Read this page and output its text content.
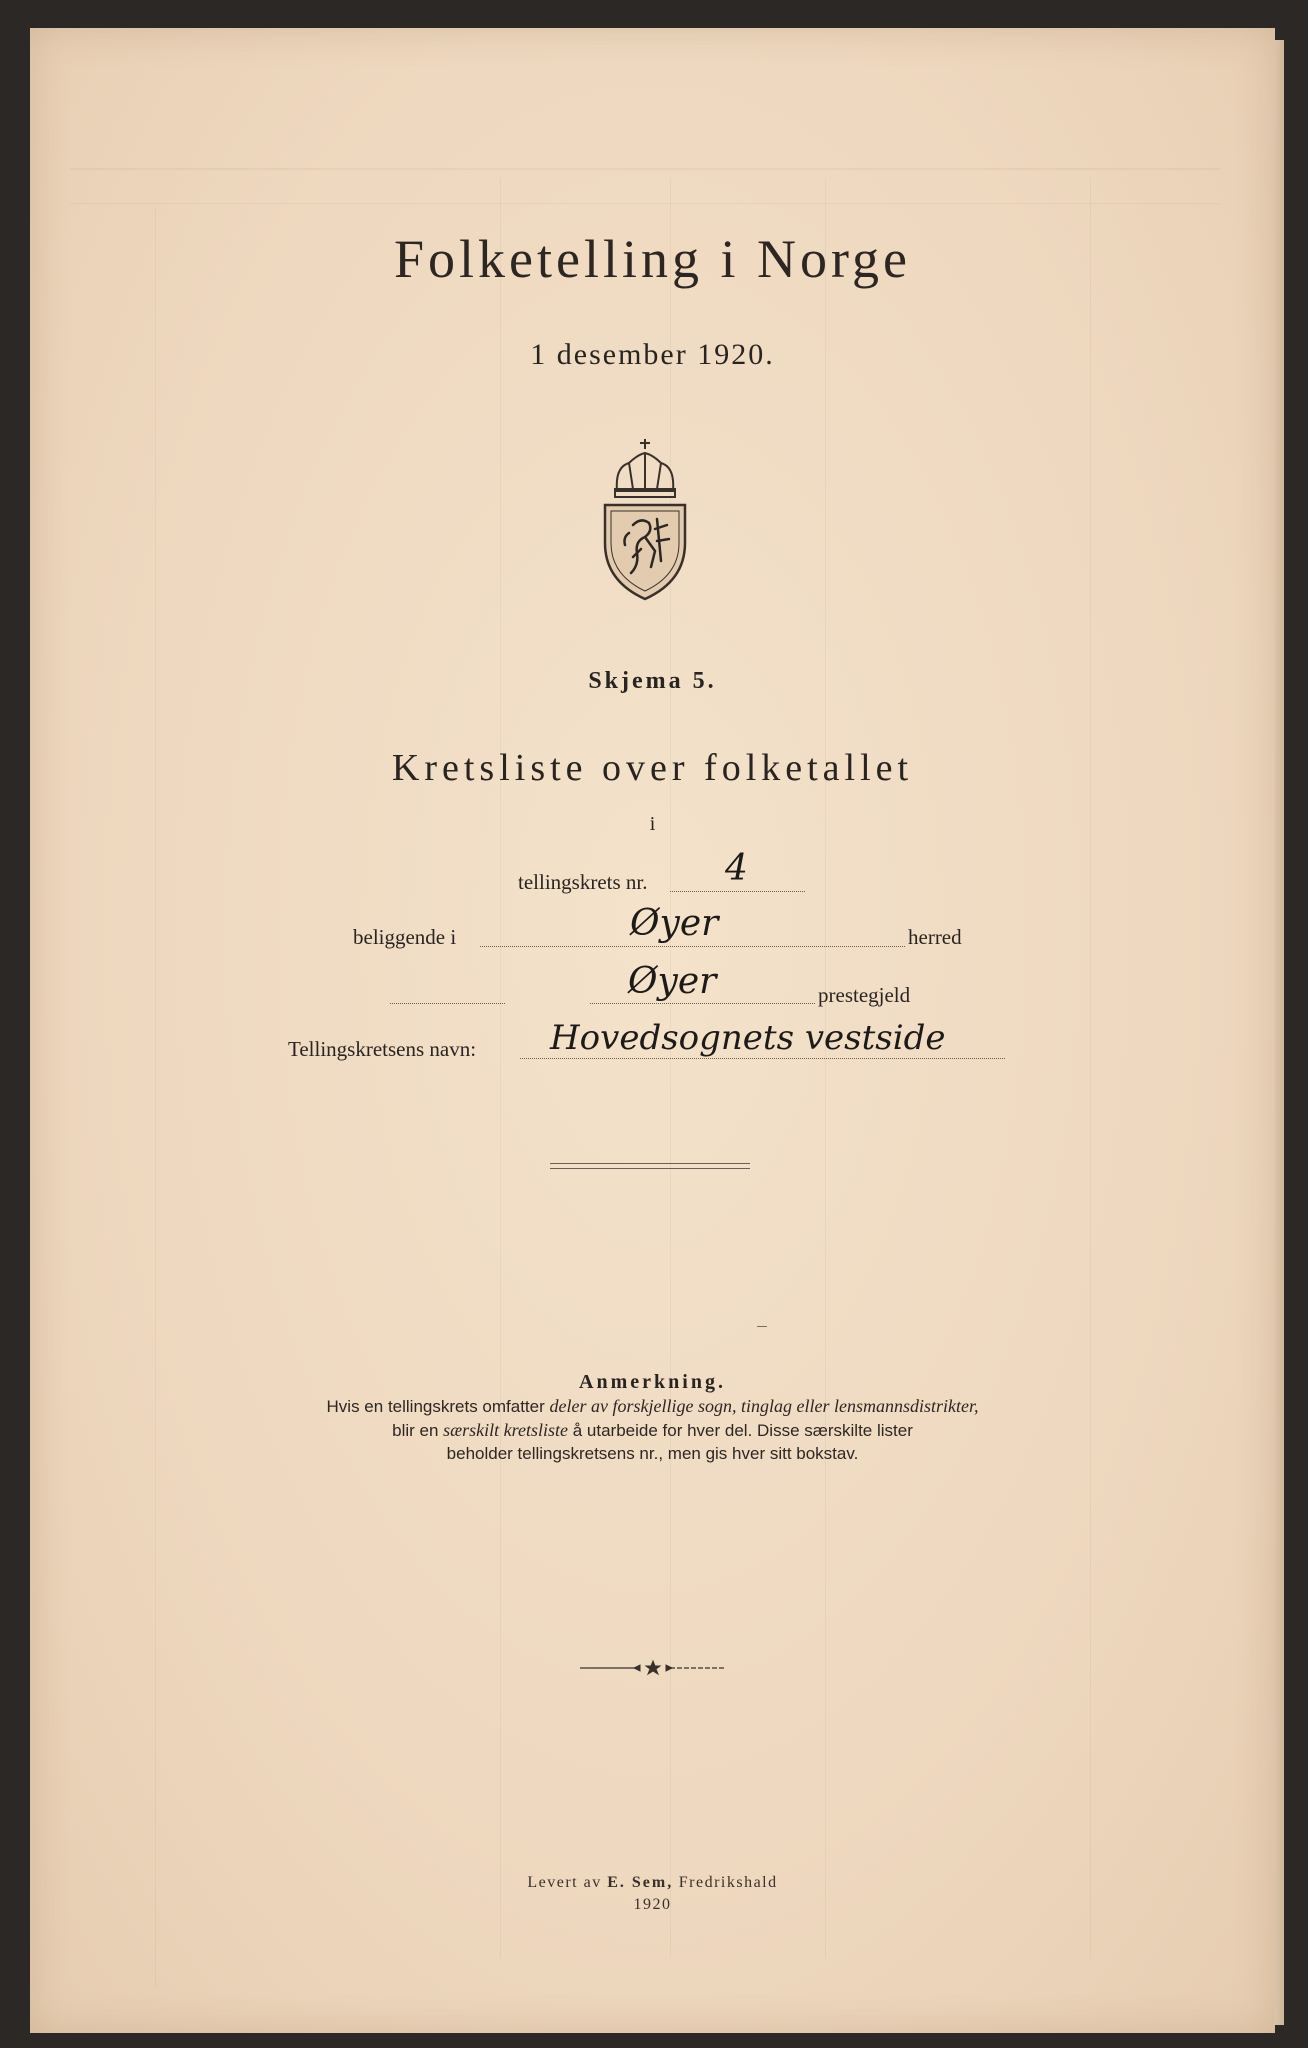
Folketelling i Norge
1 desember 1920.
Skjema 5.
Kretsliste over folketallet
i
tellingskrets nr. 4
beliggende i	Øyer	herred
Øyer	prestegjeld
Tellingskretsens navn: Hovedsognets vestside
Anmerkning.
Hvis en tellingskrets omfatter deler av forskjellige sogn, tinglag eller lensmannsdistrikter,
blir en særskilt kretsliste å utarbeide for hver del. Disse særskilte lister
beholder tellingskretsens nr., men gis hver sitt bokstav.
Levert av E. Sem, Fredrikshald
1920
